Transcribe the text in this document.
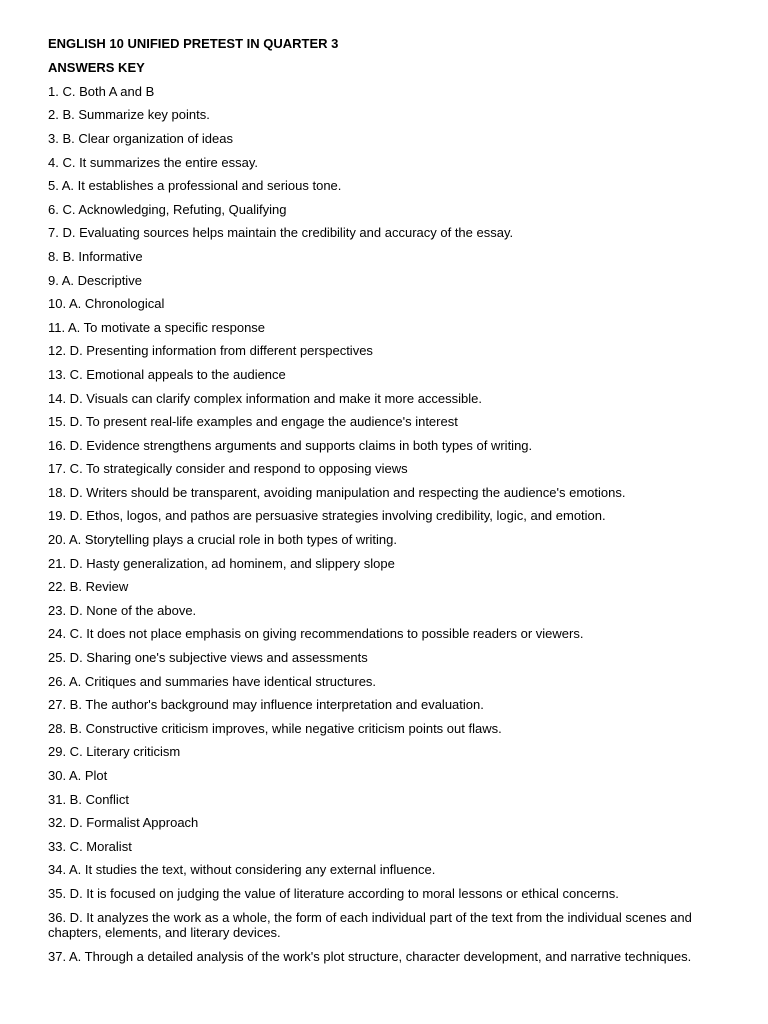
ENGLISH 10 UNIFIED PRETEST IN QUARTER 3
ANSWERS KEY
1. C. Both A and B
2. B. Summarize key points.
3. B. Clear organization of ideas
4. C. It summarizes the entire essay.
5. A. It establishes a professional and serious tone.
6. C. Acknowledging, Refuting, Qualifying
7. D. Evaluating sources helps maintain the credibility and accuracy of the essay.
8. B. Informative
9. A. Descriptive
10. A. Chronological
11. A. To motivate a specific response
12. D. Presenting information from different perspectives
13. C. Emotional appeals to the audience
14. D. Visuals can clarify complex information and make it more accessible.
15. D. To present real-life examples and engage the audience's interest
16. D. Evidence strengthens arguments and supports claims in both types of writing.
17. C. To strategically consider and respond to opposing views
18. D. Writers should be transparent, avoiding manipulation and respecting the audience's emotions.
19. D. Ethos, logos, and pathos are persuasive strategies involving credibility, logic, and emotion.
20. A. Storytelling plays a crucial role in both types of writing.
21. D. Hasty generalization, ad hominem, and slippery slope
22. B. Review
23. D. None of the above.
24. C. It does not place emphasis on giving recommendations to possible readers or viewers.
25. D. Sharing one's subjective views and assessments
26. A. Critiques and summaries have identical structures.
27. B. The author's background may influence interpretation and evaluation.
28. B. Constructive criticism improves, while negative criticism points out flaws.
29. C. Literary criticism
30. A. Plot
31. B. Conflict
32. D. Formalist Approach
33. C. Moralist
34. A. It studies the text, without considering any external influence.
35. D. It is focused on judging the value of literature according to moral lessons or ethical concerns.
36. D. It analyzes the work as a whole, the form of each individual part of the text from the individual scenes and chapters, elements, and literary devices.
37. A. Through a detailed analysis of the work's plot structure, character development, and narrative techniques.
